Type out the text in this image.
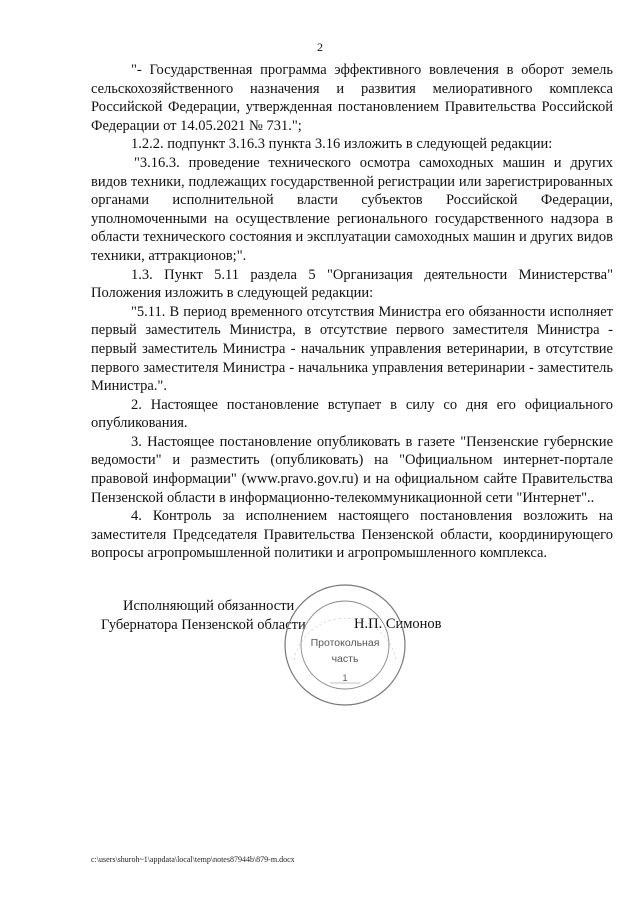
2

"- Государственная программа эффективного вовлечения в оборот земель сельскохозяйственного назначения и развития мелиоративного комплекса Российской Федерации, утвержденная постановлением Правительства Российской Федерации от 14.05.2021 № 731.";

1.2.2. подпункт 3.16.3 пункта 3.16 изложить в следующей редакции:

"3.16.3. проведение технического осмотра самоходных машин и других видов техники, подлежащих государственной регистрации или зарегистрированных органами исполнительной власти субъектов Российской Федерации, уполномоченными на осуществление регионального государственного надзора в области технического состояния и эксплуатации самоходных машин и других видов техники, аттракционов;".

1.3. Пункт 5.11 раздела 5 "Организация деятельности Министерства" Положения изложить в следующей редакции:

"5.11. В период временного отсутствия Министра его обязанности исполняет первый заместитель Министра, в отсутствие первого заместителя Министра - первый заместитель Министра - начальник управления ветеринарии, в отсутствие первого заместителя Министра - начальника управления ветеринарии - заместитель Министра.".

2. Настоящее постановление вступает в силу со дня его официального опубликования.

3. Настоящее постановление опубликовать в газете "Пензенские губернские ведомости" и разместить (опубликовать) на "Официальном интернет-портале правовой информации" (www.pravo.gov.ru) и на официальном сайте Правительства Пензенской области в информационно-телекоммуникационной сети "Интернет"..

4. Контроль за исполнением настоящего постановления возложить на заместителя Председателя Правительства Пензенской области, координирующего вопросы агропромышленной политики и агропромышленного комплекса.

Исполняющий обязанности
Губернатора Пензенской области	Н.П. Симонов
Протокольная
часть
1
c:\users\shuroh~1\appdata\local\temp\notes87944b\879-m.docx
